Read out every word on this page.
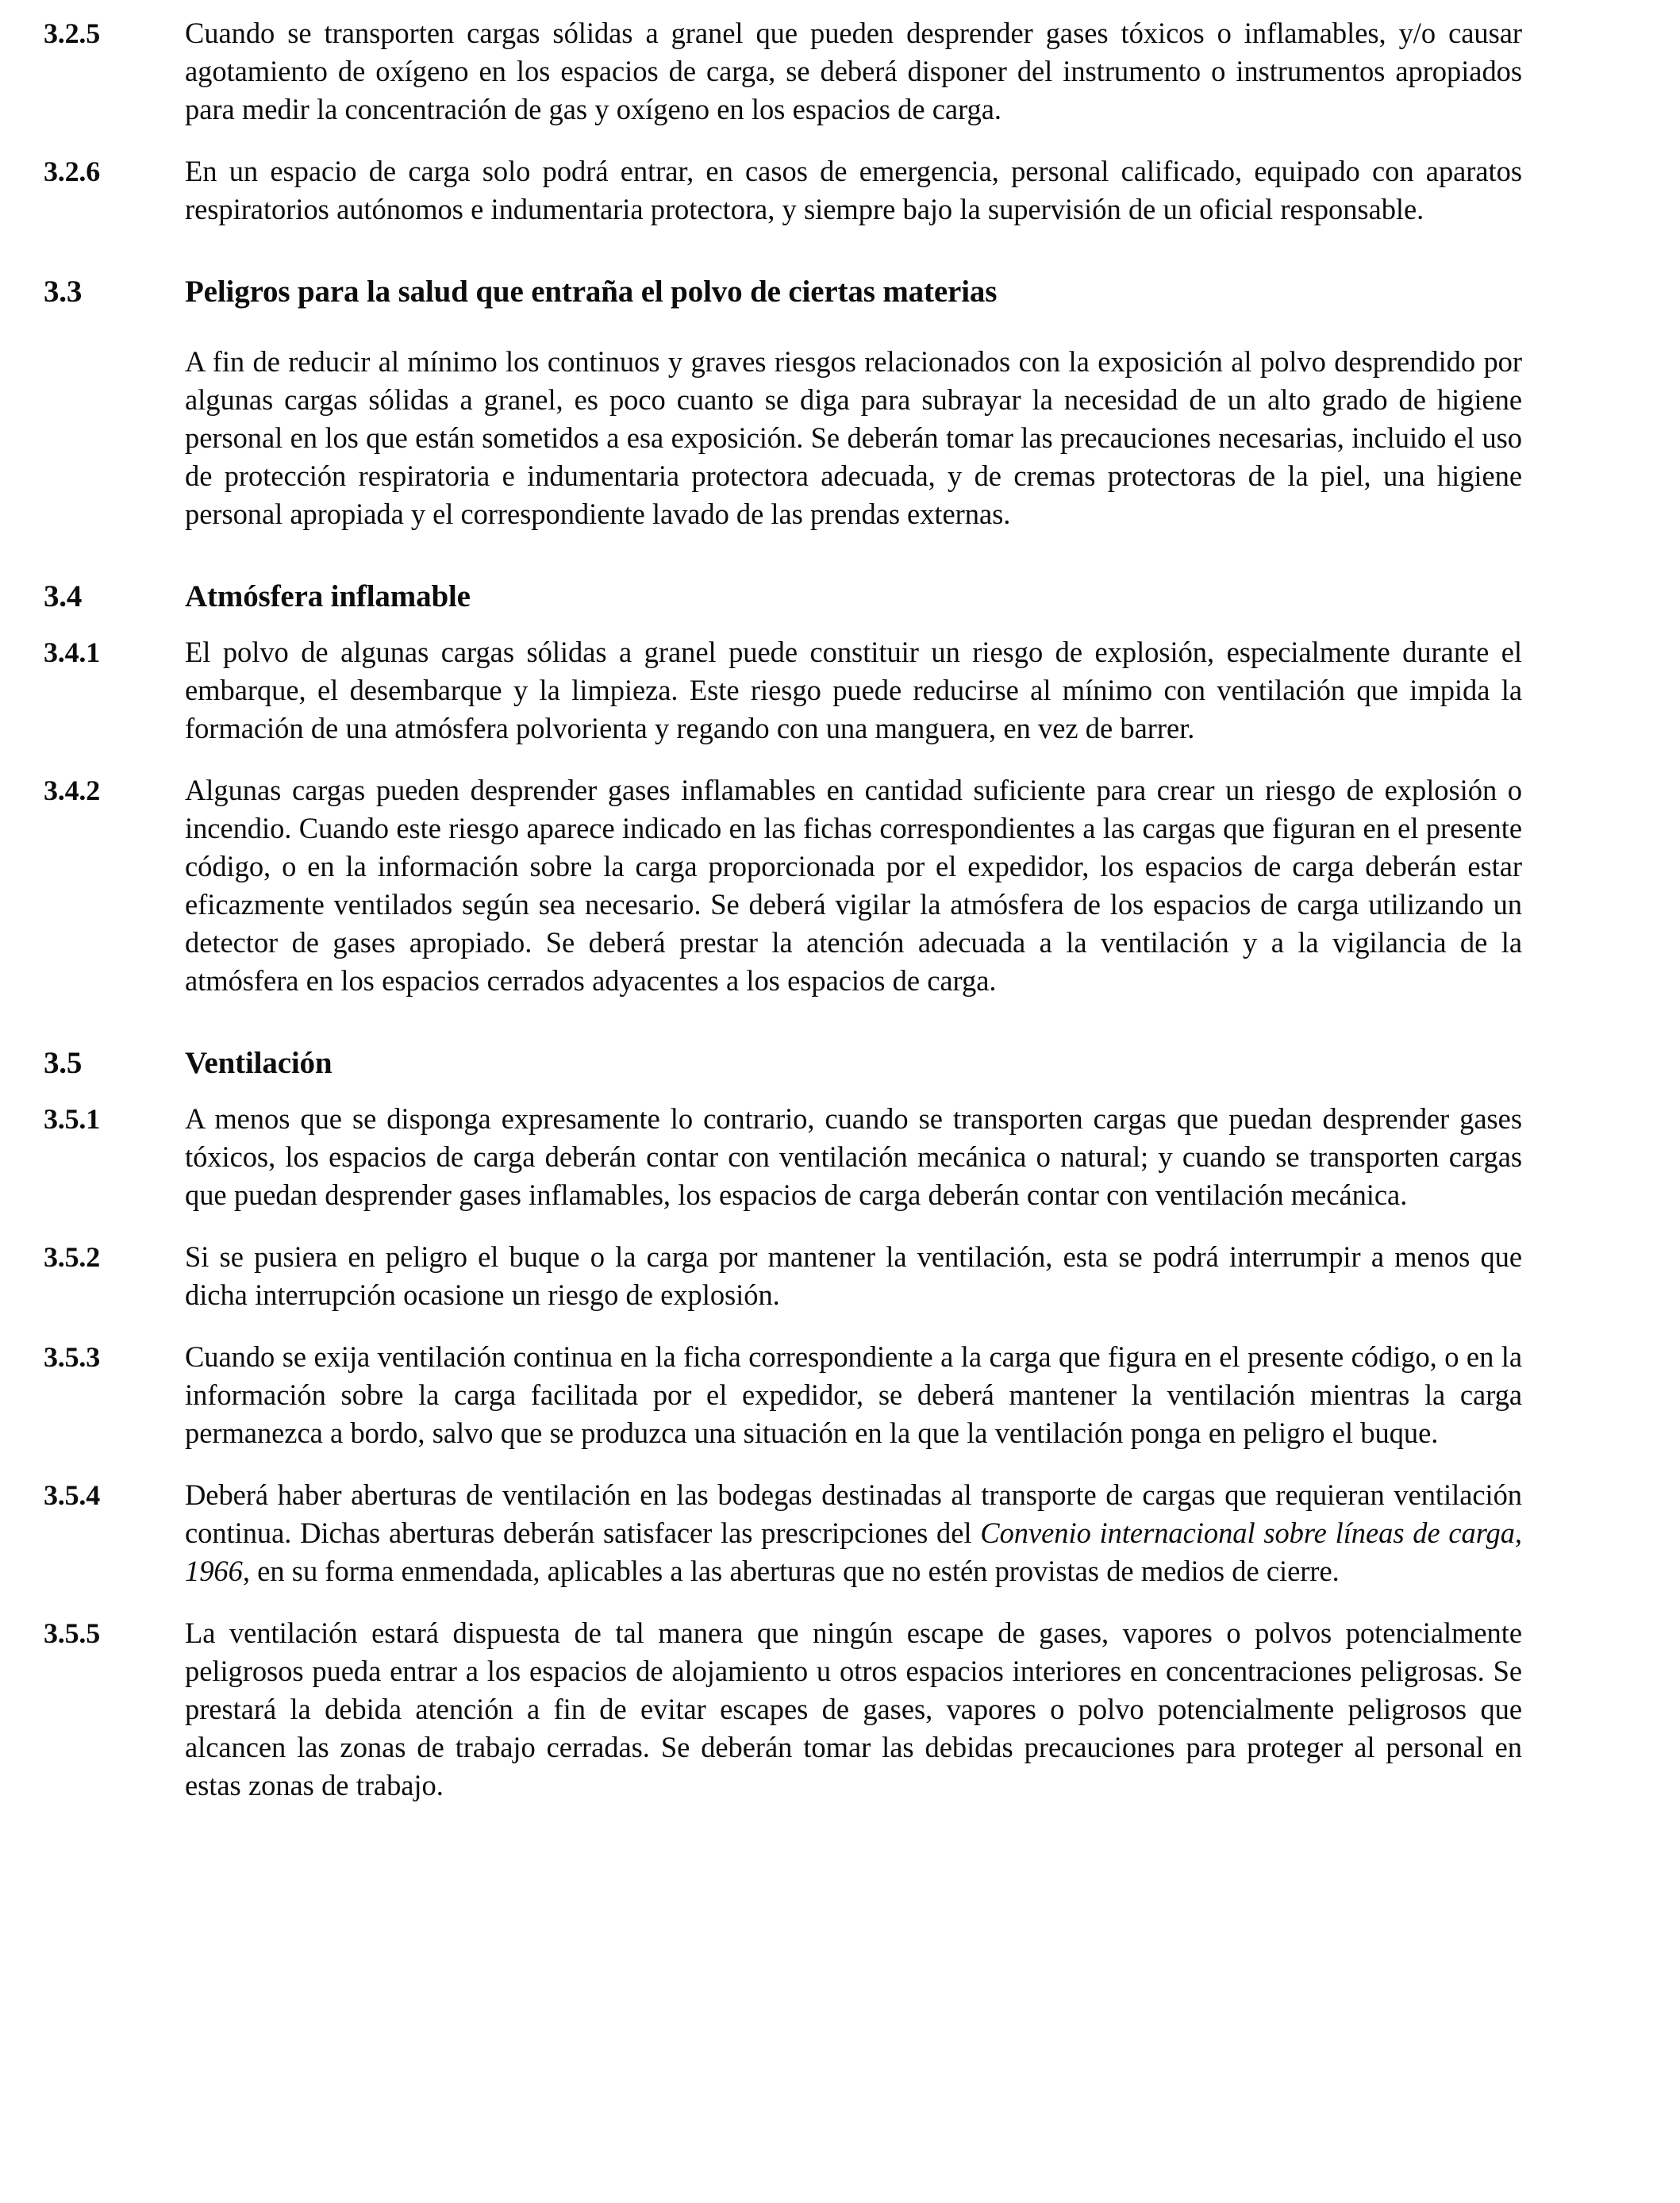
3.2.5	Cuando se transporten cargas sólidas a granel que pueden desprender gases tóxicos o inflamables, y/o causar agotamiento de oxígeno en los espacios de carga, se deberá disponer del instrumento o instrumentos apropiados para medir la concentración de gas y oxígeno en los espacios de carga.
3.2.6	En un espacio de carga solo podrá entrar, en casos de emergencia, personal calificado, equipado con aparatos respiratorios autónomos e indumentaria protectora, y siempre bajo la supervisión de un oficial responsable.
3.3	Peligros para la salud que entraña el polvo de ciertas materias
A fin de reducir al mínimo los continuos y graves riesgos relacionados con la exposición al polvo desprendido por algunas cargas sólidas a granel, es poco cuanto se diga para subrayar la necesidad de un alto grado de higiene personal en los que están sometidos a esa exposición. Se deberán tomar las precauciones necesarias, incluido el uso de protección respiratoria e indumentaria protectora adecuada, y de cremas protectoras de la piel, una higiene personal apropiada y el correspondiente lavado de las prendas externas.
3.4	Atmósfera inflamable
3.4.1	El polvo de algunas cargas sólidas a granel puede constituir un riesgo de explosión, especialmente durante el embarque, el desembarque y la limpieza. Este riesgo puede reducirse al mínimo con ventilación que impida la formación de una atmósfera polvorienta y regando con una manguera, en vez de barrer.
3.4.2	Algunas cargas pueden desprender gases inflamables en cantidad suficiente para crear un riesgo de explosión o incendio. Cuando este riesgo aparece indicado en las fichas correspondientes a las cargas que figuran en el presente código, o en la información sobre la carga proporcionada por el expedidor, los espacios de carga deberán estar eficazmente ventilados según sea necesario. Se deberá vigilar la atmósfera de los espacios de carga utilizando un detector de gases apropiado. Se deberá prestar la atención adecuada a la ventilación y a la vigilancia de la atmósfera en los espacios cerrados adyacentes a los espacios de carga.
3.5	Ventilación
3.5.1	A menos que se disponga expresamente lo contrario, cuando se transporten cargas que puedan desprender gases tóxicos, los espacios de carga deberán contar con ventilación mecánica o natural; y cuando se transporten cargas que puedan desprender gases inflamables, los espacios de carga deberán contar con ventilación mecánica.
3.5.2	Si se pusiera en peligro el buque o la carga por mantener la ventilación, esta se podrá interrumpir a menos que dicha interrupción ocasione un riesgo de explosión.
3.5.3	Cuando se exija ventilación continua en la ficha correspondiente a la carga que figura en el presente código, o en la información sobre la carga facilitada por el expedidor, se deberá mantener la ventilación mientras la carga permanezca a bordo, salvo que se produzca una situación en la que la ventilación ponga en peligro el buque.
3.5.4	Deberá haber aberturas de ventilación en las bodegas destinadas al transporte de cargas que requieran ventilación continua. Dichas aberturas deberán satisfacer las prescripciones del Convenio internacional sobre líneas de carga, 1966, en su forma enmendada, aplicables a las aberturas que no estén provistas de medios de cierre.
3.5.5	La ventilación estará dispuesta de tal manera que ningún escape de gases, vapores o polvos potencialmente peligrosos pueda entrar a los espacios de alojamiento u otros espacios interiores en concentraciones peligrosas. Se prestará la debida atención a fin de evitar escapes de gases, vapores o polvo potencialmente peligrosos que alcancen las zonas de trabajo cerradas. Se deberán tomar las debidas precauciones para proteger al personal en estas zonas de trabajo.
